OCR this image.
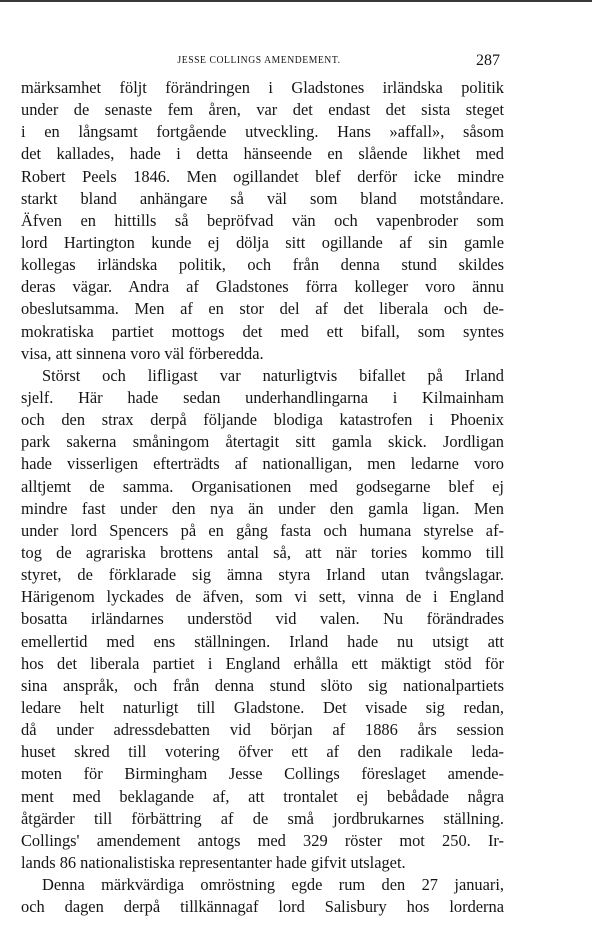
JESSE COLLINGS AMENDEMENT.	287
märksamhet följt förändringen i Gladstones irländska politik
under de senaste fem åren, var det endast det sista steget
i en långsamt fortgående utveckling. Hans »affall», såsom
det kallades, hade i detta hänseende en slående likhet med
Robert Peels 1846. Men ogillandet blef derför icke mindre
starkt bland anhängare så väl som bland motståndare.
Äfven en hittills så bepröfvad vän och vapenbroder som
lord Hartington kunde ej dölja sitt ogillande af sin gamle
kollegas irländska politik, och från denna stund skildes
deras vägar. Andra af Gladstones förra kolleger voro ännu
obeslutsamma. Men af en stor del af det liberala och de-
mokratiska partiet mottogs det med ett bifall, som syntes
visa, att sinnena voro väl förberedda.
Störst och lifligast var naturligtvis bifallet på Irland
sjelf. Här hade sedan underhandlingarna i Kilmainham
och den strax derpå följande blodiga katastrofen i Phoenix
park sakerna småningom återtagit sitt gamla skick. Jordligan
hade visserligen efterträdts af nationalligan, men ledarne voro
alltjemt de samma. Organisationen med godsegarne blef ej
mindre fast under den nya än under den gamla ligan. Men
under lord Spencers på en gång fasta och humana styrelse af-
tog de agrariska brottens antal så, att när tories kommo till
styret, de förklarade sig ämna styra Irland utan tvångslagar.
Härigenom lyckades de äfven, som vi sett, vinna de i England
bosatta irländarnes understöd vid valen. Nu förändrades
emellertid med ens ställningen. Irland hade nu utsigt att
hos det liberala partiet i England erhålla ett mäktigt stöd för
sina anspråk, och från denna stund slöto sig nationalpartiets
ledare helt naturligt till Gladstone. Det visade sig redan,
då under adressdebatten vid början af 1886 års session
huset skred till votering öfver ett af den radikale leda-
moten för Birmingham Jesse Collings föreslaget amende-
ment med beklagande af, att trontalet ej bebådade några
åtgärder till förbättring af de små jordbrukarnes ställning.
Collings' amendement antogs med 329 röster mot 250. Ir-
lands 86 nationalistiska representanter hade gifvit utslaget.
Denna märkvärdiga omröstning egde rum den 27 januari,
och dagen derpå tillkännagaf lord Salisbury hos lorderna
